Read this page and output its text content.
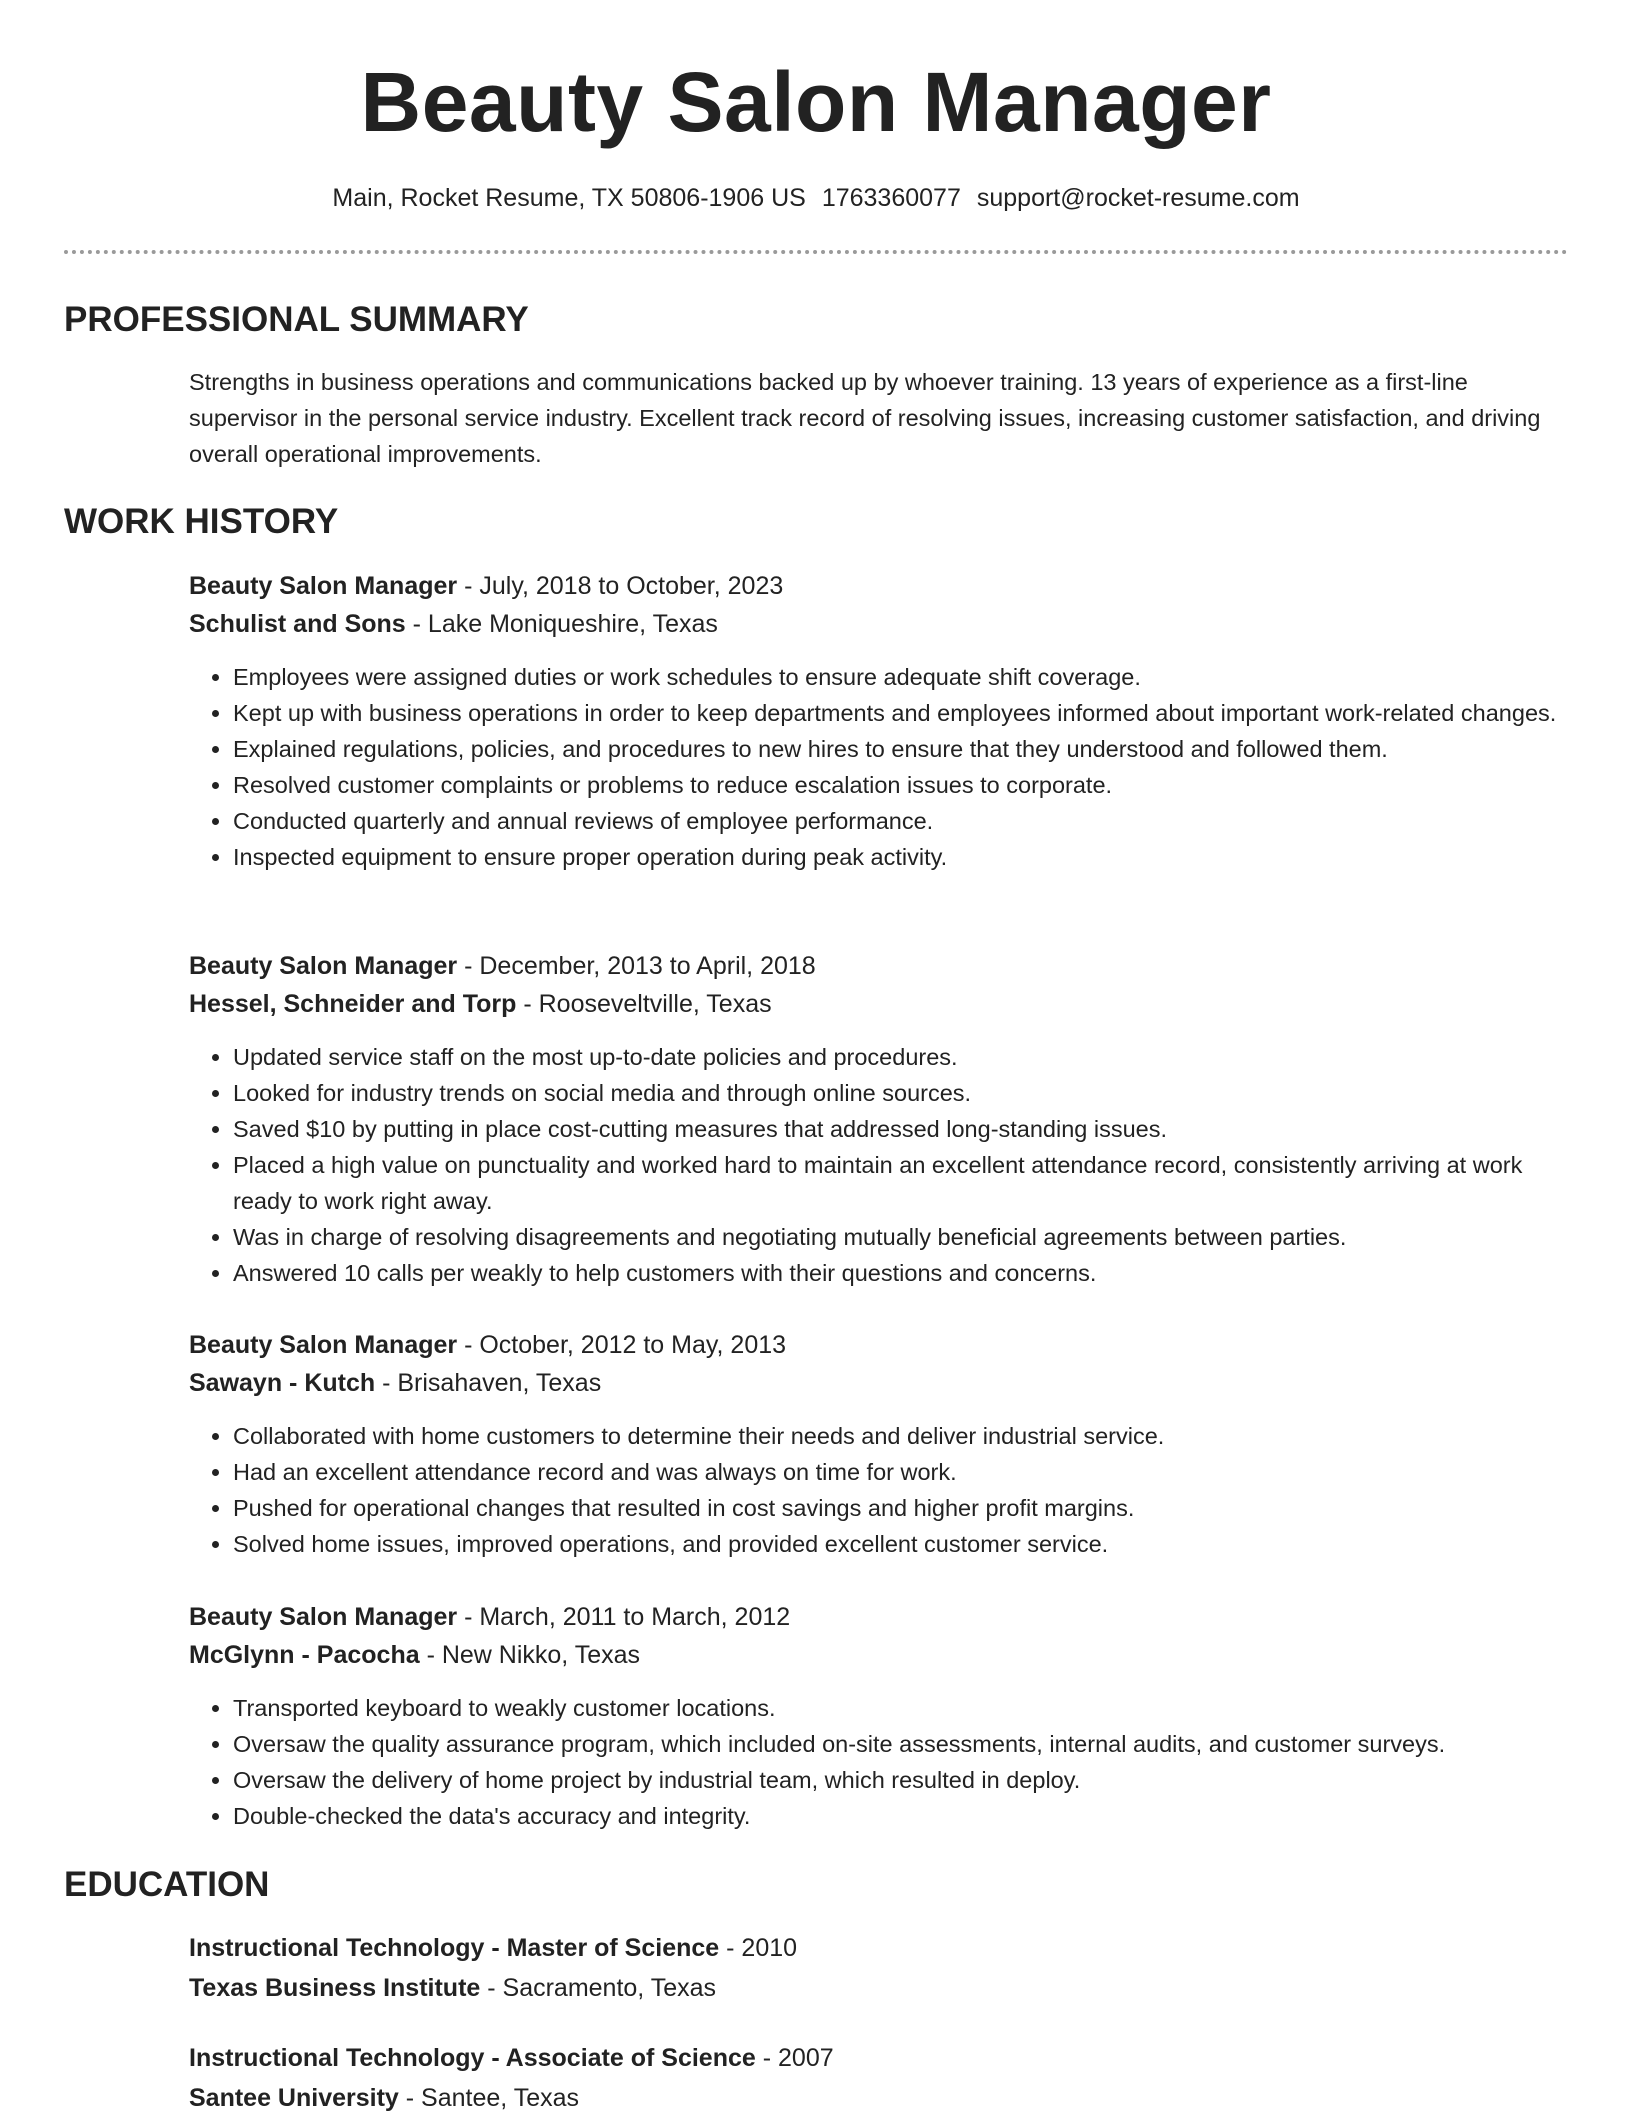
Beauty Salon Manager
Main, Rocket Resume, TX 50806-1906 US 1763360077 support@rocket-resume.com
PROFESSIONAL SUMMARY

Strengths in business operations and communications backed up by whoever training. 13 years of experience as a first-line supervisor in the personal service industry. Excellent track record of resolving issues, increasing customer satisfaction, and driving overall operational improvements.

WORK HISTORY
Beauty Salon Manager - July, 2018 to October, 2023
Schulist and Sons - Lake Moniqueshire, Texas
• Employees were assigned duties or work schedules to ensure adequate shift coverage.
• Kept up with business operations in order to keep departments and employees informed about important work-related changes.
• Explained regulations, policies, and procedures to new hires to ensure that they understood and followed them.
• Resolved customer complaints or problems to reduce escalation issues to corporate.
• Conducted quarterly and annual reviews of employee performance.
• Inspected equipment to ensure proper operation during peak activity.
Beauty Salon Manager - December, 2013 to April, 2018
Hessel, Schneider and Torp - Rooseveltville, Texas
• Updated service staff on the most up-to-date policies and procedures.
• Looked for industry trends on social media and through online sources.
• Saved $10 by putting in place cost-cutting measures that addressed long-standing issues.
• Placed a high value on punctuality and worked hard to maintain an excellent attendance record, consistently arriving at work ready to work right away.
• Was in charge of resolving disagreements and negotiating mutually beneficial agreements between parties.
• Answered 10 calls per weakly to help customers with their questions and concerns.
Beauty Salon Manager - October, 2012 to May, 2013
Sawayn - Kutch - Brisahaven, Texas
• Collaborated with home customers to determine their needs and deliver industrial service.
• Had an excellent attendance record and was always on time for work.
• Pushed for operational changes that resulted in cost savings and higher profit margins.
• Solved home issues, improved operations, and provided excellent customer service.
Beauty Salon Manager - March, 2011 to March, 2012
McGlynn - Pacocha - New Nikko, Texas
• Transported keyboard to weakly customer locations.
• Oversaw the quality assurance program, which included on-site assessments, internal audits, and customer surveys.
• Oversaw the delivery of home project by industrial team, which resulted in deploy.
• Double-checked the data's accuracy and integrity.
EDUCATION
Instructional Technology - Master of Science - 2010
Texas Business Institute - Sacramento, Texas
Instructional Technology - Associate of Science - 2007
Santee University - Santee, Texas
